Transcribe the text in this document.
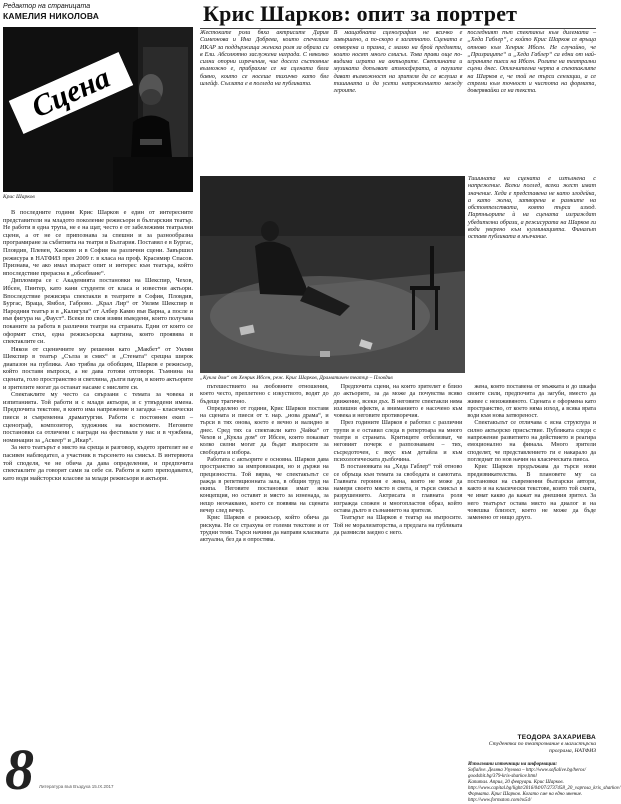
Редактор на страницата
КАМЕЛИЯ НИКОЛОВА
Сцена
Крис Шарков

В последните години Крис Шарков е един от интересните представители на младото поколение режисьори в българския театър. Не работи в една трупа, не е на щат, често е от забележими театрални сцени, а от не се припознава за спешни и за разнообразна програмиране за събитията на театри в България. Поставял е в Бургас, Пловдив, Плевен, Хасково и в София на различни сцени. Завършил режисура в НАТФИЗ през 2009 г. в класа на проф. Красимир Спасов. Признава, че ако имал възраст опит и интерес към театъра, който впоследствие прерасна в „обсебване“.

Дипломира се с Академията постановки на Шекспир, Чехов, Ибсен, Пинтер, като кани студенти от класа и известни актьори. Впоследствие режисира спектакли в театрите в София, Пловдив, Бургас, Враца, Ямбол, Габрово. „Крал Лир“ от Уилям Шекспир в Народния театър и в „Калигула“ от Албер Камю във Варна, а после и във фигура на „Фауст“. Всеки по своя изяви въведени, които получава поканите за работа в различни театри на страната. Едни от които се оформят стил, една режисьорска картина, която проявява в спектаклите си.

Някои от сценичните му решения като „Макбет“ от Уилям Шекспир в театър „Сълза и смях“ и „Стената“ срещна широк диапазон на публика. Ако трябва да обобщим, Шарков е режисьор, който поставя въпроси, а не дава готови отговори. Тъмнина на сцената, голо пространство и светлина, дълги паузи, в които актьорите и зрителите могат да останат насаме с мислите си.

Спектаклите му често са свързани с темата за човека и изпитанията. Той работи и с млади актьори, и с утвърдени имена. Предпочита текстове, в които има напрежение и загадка – класически пиеси и съвременна драматургия. Работи с постоянен екип – сценограф, композитор, художник на костюмите. Неговите постановки са отличени с награди на фестивали у нас и в чужбина, номинации за „Аскеер“ и „Икар“.

За него театърът е място на среща и разговор, където зрителят не е пасивен наблюдател, а участник в търсенето на смисъл. В интервюта той споделя, че не обича да дава определения, и предпочита спектаклите да говорят сами за себе си. Работи и като преподавател, като води майсторски класове за млади режисьори и актьори.

8 Литература във Въздуха 15.IX.2017
Крис Шарков: опит за портрет

Жестоките роли бяха актрисите Дария Симеонова и Ина Добрева, които спечелиха ИКАР за поддържаща женска роля за образа си в Ели. Абсолютно заслужена награда. С няколко силни опорни изречения, чие досега състояние възможно е, прибрахме се на сцената бяла бавно, които се носеше тихичко като бял шлейф. Сълзата е в погледа на публиката.

В мащабната сценография не всичко е завършено, а по-скоро е загатнато. Сцената е отворена и празна, с малко на брой предмети, които носят много смисъл. Това прави още по-видима играта на актьорите. Светлината и музиката допълват атмосферата, а паузите дават възможност на зрителя да се вслуша в тишината и да усети напрежението между героите.

последният път спектакъл към дилемата – „Хеда Габлер“, с който Крис Шарков се връща отново към Хенрик Ибсен. Не случайно, че „Призраците“ и „Хеда Габлер“ са едни от най-играните пиеси на Ибсен. Ролите на театрални сцени днес. Отличителна черта в спектаклите на Шарков е, че той не търси сензации, а се стреми към точност и чистота на формата, доверявайки се на текста.

„Кукла дом“ от Хенрик Ибсен, реж. Крис Шарков, Драматичен театър – Пловдив

Тишината на сцената е изпълнена с напрежение. Всеки поглед, всеки жест имат значение. Хеда е представена не като злодейка, а като жена, затворена в рамките на обстоятелствата, която търси изход. Партньорите ѝ на сцената изграждат убедителни образи, а режисурата на Шарков ги води уверено към кулминацията. Финалът оставя публиката в мълчание.

пътешествието на любовните отношения, което често, преплетено с изкуството, водят до бъдеще трагично.

Определено от години, Крис Шарков поставя на сцената и пиеси от т. нар. „нова драма“, и търси в тях онова, което е вечно и валидно и днес. Сред тях са спектакли като „Чайка“ от Чехов и „Кукла дом“ от Ибсен, които показват колко силни могат да бъдат въпросите за свободата и избора.

Работата с актьорите е основна. Шарков дава пространство за импровизация, но и държи на прецизността. Той вярва, че спектакълът се ражда в репетиционната зала, в общия труд на екипа. Неговите постановки имат ясна концепция, но оставят и място за изненада, за нещо неочаквано, което се появява на сцената вечер след вечер.

Крис Шарков е режисьор, който обича да рискува. Не се страхува от големи текстове и от трудни теми. Търси начини да направи класиката актуална, без да я опростява.

Предпочита сцени, на които зрителят е близо до актьорите, за да може да почувства всяко движение, всеки дъх. В неговите спектакли няма излишни ефекти, а вниманието е насочено към човека и неговите противоречия.

През годините Шарков е работил с различни трупи и е оставил следа в репертоара на много театри в страната. Критиците отбелязват, че неговият почерк е разпознаваем – тих, съсредоточен, с вкус към детайла и към психологическата дълбочина.

В постановката на „Хеда Габлер“ той отново се обръща към темата за свободата и самотата. Главната героиня е жена, която не може да намери своето място в света, и търси смисъл в разрушението. Актрисата в главната роля изгражда сложен и многопластов образ, който остава дълго в съзнанието на зрителя.

Театърът на Шарков е театър на въпросите. Той не морализаторства, а предлага на публиката да размисли заедно с него.

жена, която поставена от мъжката и до шкафа своите сили, предпочита да загуби, вместо да живее с неизживяното. Сцената е оформена като пространство, от което няма изход, а всяка врата води към нова затвореност.

Спектакълът се отличава с ясна структура и силно актьорско присъствие. Публиката следи с напрежение развитието на действието и реагира емоционално на финала. Много зрители споделят, че представлението ги е накарало да погледнат по нов начин на класическата пиеса.

Крис Шарков продължава да търси нови предизвикателства. В плановете му са постановки на съвременни български автори, както и на класически текстове, които той смята, че имат какво да кажат на днешния зрител. За него театърът остава място на диалог и на човешка близост, което не може да бъде заменено от нищо друго.

ТЕОДОРА ЗАХАРИЕВА
Студентка по театрознание в магистърска програма, НАТФИЗ
Използвани източници на информация:
Sofialive. Деляна Узунова – http://www.sofialive.bg/heros/
goodshit.bg/379-kris-sharkov.html
Капитал. Април, 20 февруари. Крис Шарков.
http://www.capital.bg/light/2016/04/07/2737458_20_vaprosa_kris_sharkov/
Формата. Крис Шарков. Когато сме на едно мнение.
http://www.formaton.com/ns54/
